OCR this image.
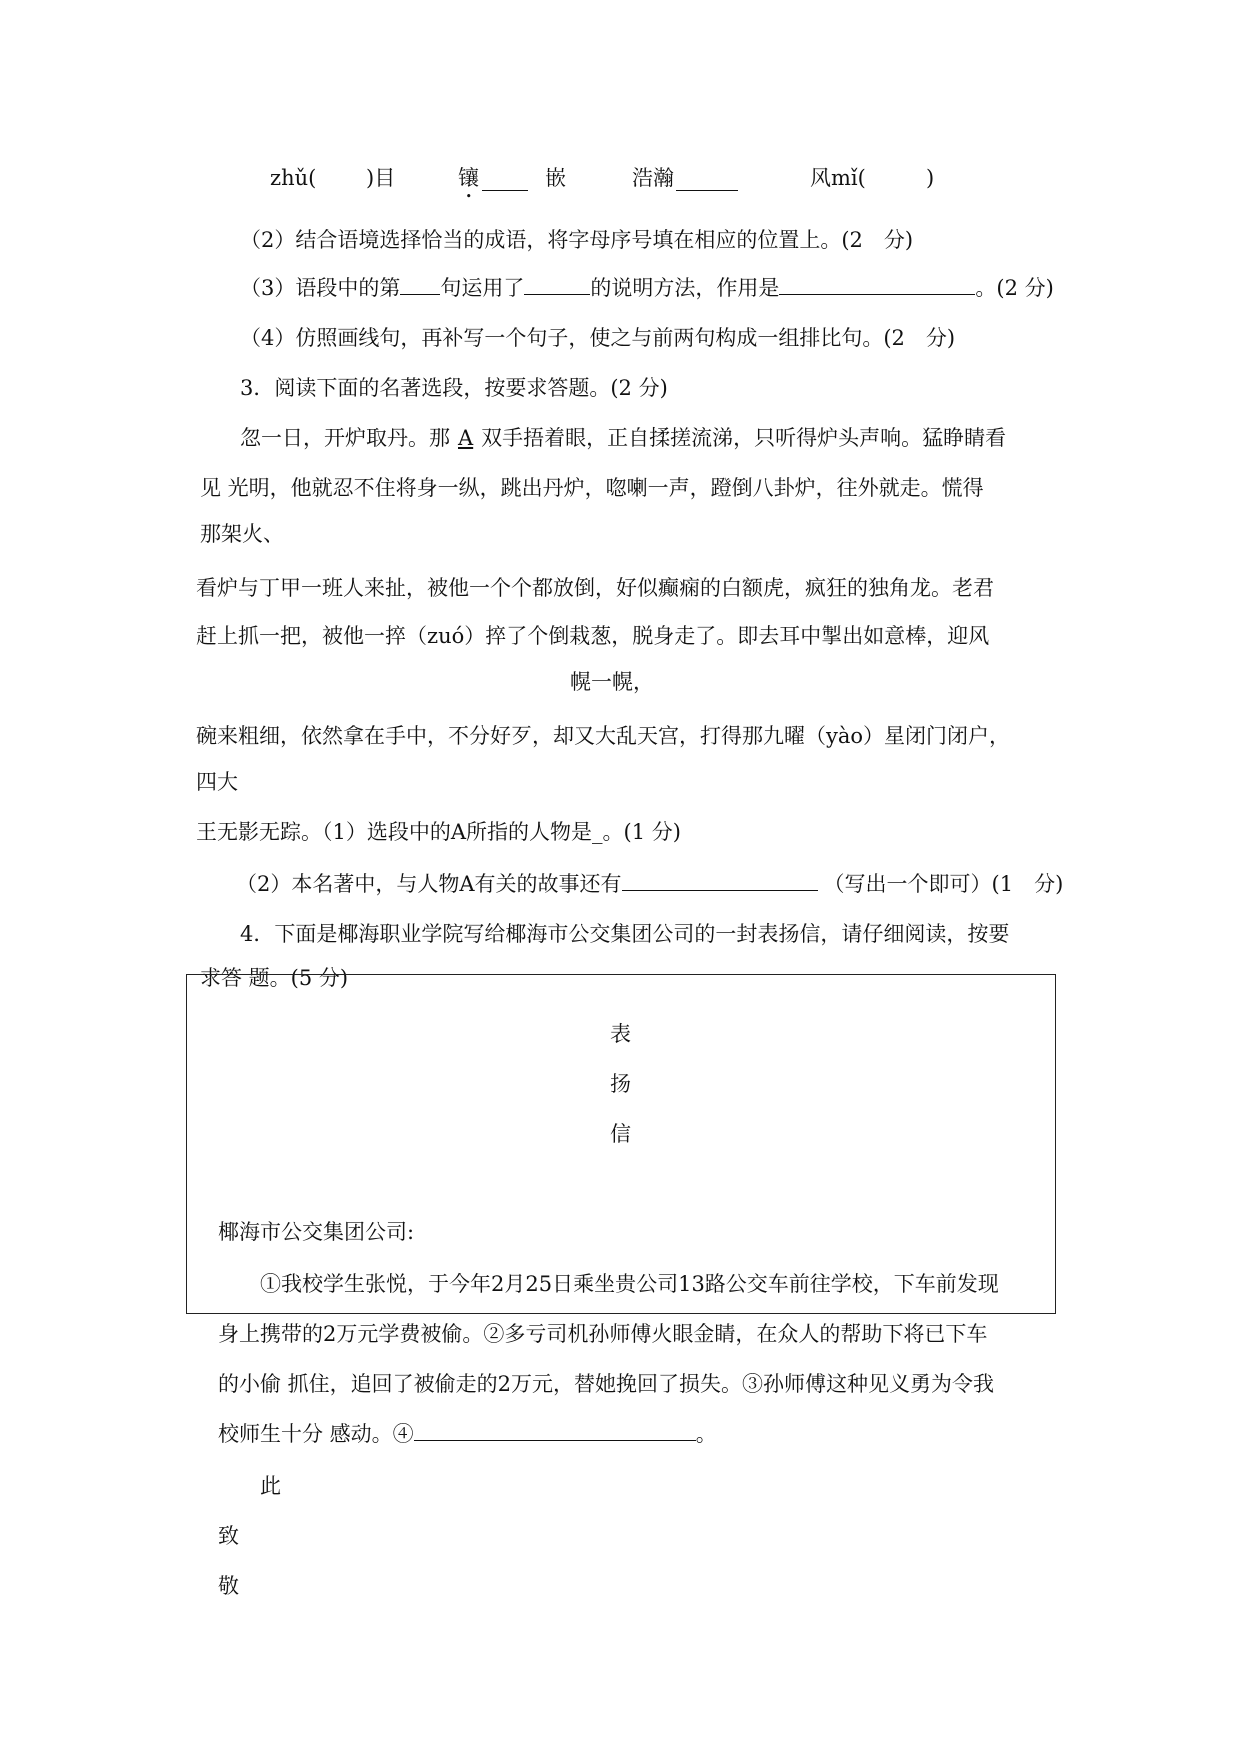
zhǔ( )目	镶	嵌	浩瀚	风mǐ(	)
（2）结合语境选择恰当的成语，将字母序号填在相应的位置上。(2　分)
（3）语段中的第 句运用了	的说明方法，作用是	。(2 分)
（4）仿照画线句，再补写一个句子，使之与前两句构成一组排比句。(2　分)
3．阅读下面的名著选段，按要求答题。(2 分)
忽一日，开炉取丹。那 A 双手捂着眼，正自揉搓流涕，只听得炉头声响。猛睁睛看
见 光明，他就忍不住将身一纵，跳出丹炉，唿喇一声，蹬倒八卦炉，往外就走。慌得
那架火、
看炉与丁甲一班人来扯，被他一个个都放倒，好似癫痫的白额虎，疯狂的独角龙。老君
赶上抓一把，被他一捽（zuó）捽了个倒栽葱，脱身走了。即去耳中掣出如意棒，迎风
幌一幌，
碗来粗细，依然拿在手中，不分好歹，却又大乱天宫，打得那九曜（yào）星闭门闭户，
四大
王无影无踪。（1）选段中的A所指的人物是_。(1 分)
（2）本名著中，与人物A有关的故事还有	（写出一个即可）(1　分)
4．下面是椰海职业学院写给椰海市公交集团公司的一封表扬信，请仔细阅读，按要
求答 题。(5 分)
表
扬
信
椰海市公交集团公司:
①我校学生张悦，于今年2月25日乘坐贵公司13路公交车前往学校，下车前发现
身上携带的2万元学费被偷。②多亏司机孙师傅火眼金睛，在众人的帮助下将已下车
的小偷 抓住，追回了被偷走的2万元，替她挽回了损失。③孙师傅这种见义勇为令我
校师生十分 感动。④	。
此
致
敬
